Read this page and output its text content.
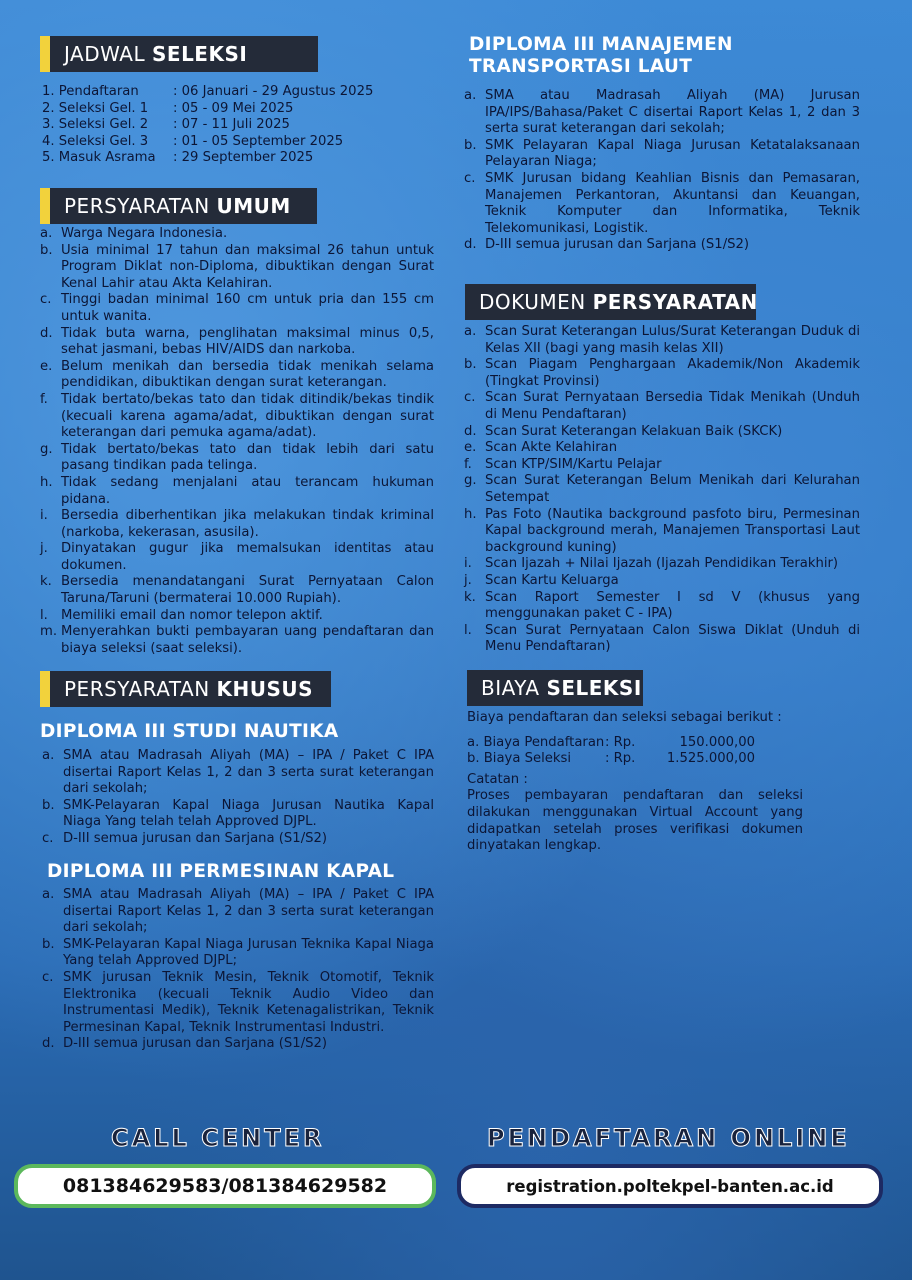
JADWAL SELEKSI
1. Pendaftaran	: 06 Januari - 29 Agustus 2025
2. Seleksi Gel. 1	: 05 - 09 Mei 2025
3. Seleksi Gel. 2	: 07 - 11 Juli 2025
4. Seleksi Gel. 3	: 01 - 05 September 2025
5. Masuk Asrama	: 29 September 2025
PERSYARATAN UMUM
a. Warga Negara Indonesia.
b. Usia minimal 17 tahun dan maksimal 26 tahun untuk Program Diklat non-Diploma, dibuktikan dengan Surat Kenal Lahir atau Akta Kelahiran.
c. Tinggi badan minimal 160 cm untuk pria dan 155 cm untuk wanita.
d. Tidak buta warna, penglihatan maksimal minus 0,5, sehat jasmani, bebas HIV/AIDS dan narkoba.
e. Belum menikah dan bersedia tidak menikah selama pendidikan, dibuktikan dengan surat keterangan.
f. Tidak bertato/bekas tato dan tidak ditindik/bekas tindik (kecuali karena agama/adat, dibuktikan dengan surat keterangan dari pemuka agama/adat).
g. Tidak bertato/bekas tato dan tidak lebih dari satu pasang tindikan pada telinga.
h. Tidak sedang menjalani atau terancam hukuman pidana.
i. Bersedia diberhentikan jika melakukan tindak kriminal (narkoba, kekerasan, asusila).
j. Dinyatakan gugur jika memalsukan identitas atau dokumen.
k. Bersedia menandatangani Surat Pernyataan Calon Taruna/Taruni (bermaterai 10.000 Rupiah).
l. Memiliki email dan nomor telepon aktif.
m. Menyerahkan bukti pembayaran uang pendaftaran dan biaya seleksi (saat seleksi).
PERSYARATAN KHUSUS
DIPLOMA III STUDI NAUTIKA
a. SMA atau Madrasah Aliyah (MA) – IPA / Paket C IPA disertai Raport Kelas 1, 2 dan 3 serta surat keterangan dari sekolah;
b. SMK-Pelayaran Kapal Niaga Jurusan Nautika Kapal Niaga Yang telah telah Approved DJPL.
c. D-III semua jurusan dan Sarjana (S1/S2)
DIPLOMA III PERMESINAN KAPAL
a. SMA atau Madrasah Aliyah (MA) – IPA / Paket C IPA disertai Raport Kelas 1, 2 dan 3 serta surat keterangan dari sekolah;
b. SMK-Pelayaran Kapal Niaga Jurusan Teknika Kapal Niaga Yang telah Approved DJPL;
c. SMK jurusan Teknik Mesin, Teknik Otomotif, Teknik Elektronika (kecuali Teknik Audio Video dan Instrumentasi Medik), Teknik Ketenagalistrikan, Teknik Permesinan Kapal, Teknik Instrumentasi Industri.
d. D-III semua jurusan dan Sarjana (S1/S2)
DIPLOMA III MANAJEMEN
TRANSPORTASI LAUT
a. SMA atau Madrasah Aliyah (MA) Jurusan IPA/IPS/Bahasa/Paket C disertai Raport Kelas 1, 2 dan 3 serta surat keterangan dari sekolah;
b. SMK Pelayaran Kapal Niaga Jurusan Ketatalaksanaan Pelayaran Niaga;
c. SMK Jurusan bidang Keahlian Bisnis dan Pemasaran, Manajemen Perkantoran, Akuntansi dan Keuangan, Teknik Komputer dan Informatika, Teknik Telekomunikasi, Logistik.
d. D-III semua jurusan dan Sarjana (S1/S2)
DOKUMEN PERSYARATAN
a. Scan Surat Keterangan Lulus/Surat Keterangan Duduk di Kelas XII (bagi yang masih kelas XII)
b. Scan Piagam Penghargaan Akademik/Non Akademik (Tingkat Provinsi)
c. Scan Surat Pernyataan Bersedia Tidak Menikah (Unduh di Menu Pendaftaran)
d. Scan Surat Keterangan Kelakuan Baik (SKCK)
e. Scan Akte Kelahiran
f. Scan KTP/SIM/Kartu Pelajar
g. Scan Surat Keterangan Belum Menikah dari Kelurahan Setempat
h. Pas Foto (Nautika background pasfoto biru, Permesinan Kapal background merah, Manajemen Transportasi Laut background kuning)
i. Scan Ijazah + Nilai Ijazah (Ijazah Pendidikan Terakhir)
j. Scan Kartu Keluarga
k. Scan Raport Semester I sd V (khusus yang menggunakan paket C - IPA)
l. Scan Surat Pernyataan Calon Siswa Diklat (Unduh di Menu Pendaftaran)
BIAYA SELEKSI
Biaya pendaftaran dan seleksi sebagai berikut :
a. Biaya Pendaftaran : Rp.	150.000,00
b. Biaya Seleksi	: Rp.	1.525.000,00
Catatan :
Proses pembayaran pendaftaran dan seleksi dilakukan menggunakan Virtual Account yang didapatkan setelah proses verifikasi dokumen dinyatakan lengkap.
CALL CENTER
081384629583/081384629582
PENDAFTARAN ONLINE
registration.poltekpel-banten.ac.id
